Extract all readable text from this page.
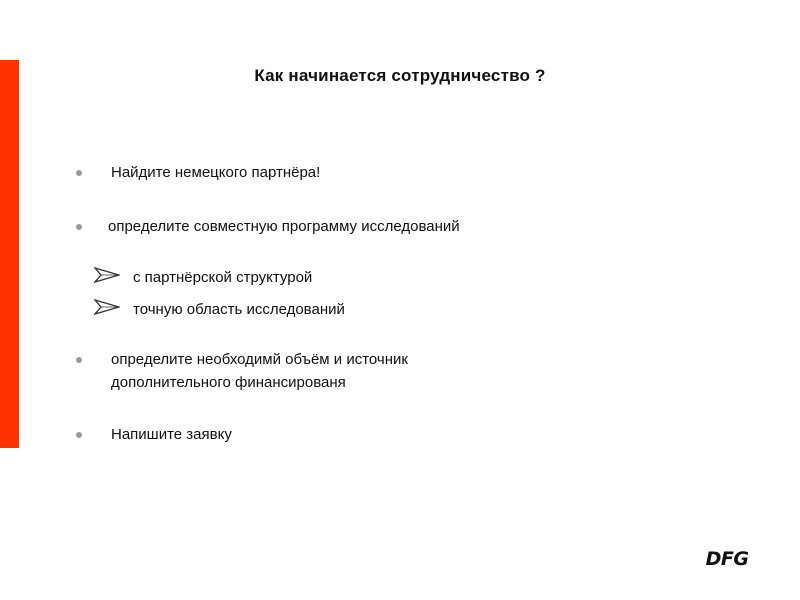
Как начинается сотрудничество ?
Найдите немецкого партнёра!
определите совместную программу исследований
с партнёрской структурой
точную область исследований
определите необходимй объём и источник
дополнительного финансированя
Напишите заявку
DFG
